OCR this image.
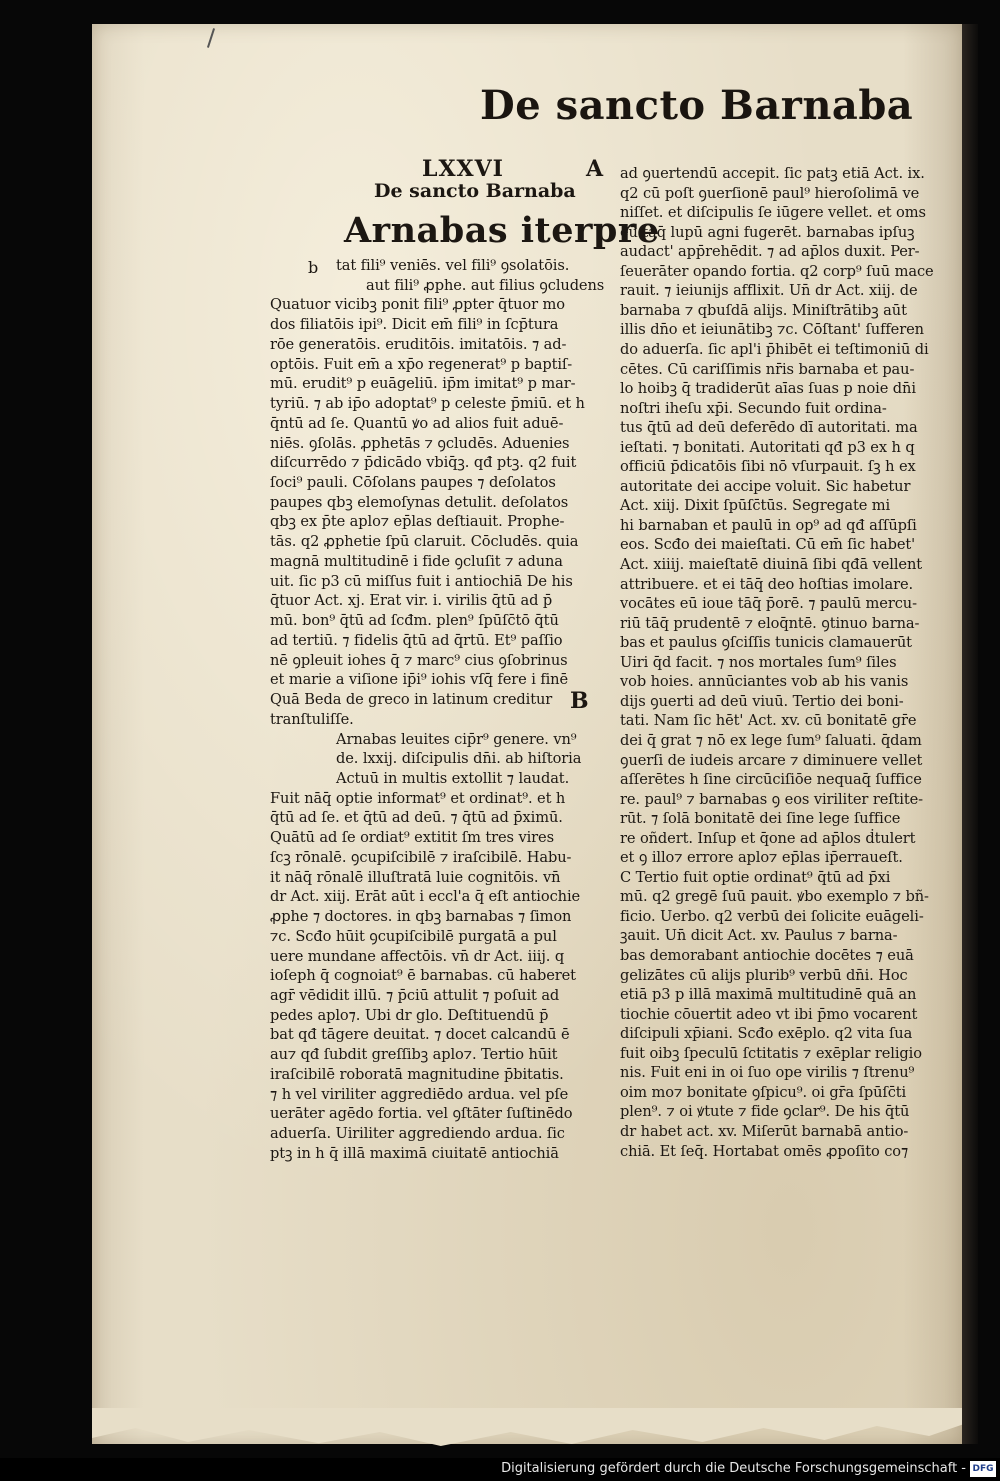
De sancto Barnaba
LXXVI	A
De sancto Barnaba
Arnabas iterpre
b
B
tat fili⁹ veniēs. vel fili⁹ ꝯsolatōis.
aut fili⁹ ꝓphe. aut filius ꝯcludens
Quatuor vicibꝫ ponit fili⁹ ꝓpter q̄tuor mo
dos filiatōis ipi⁹. Dicit em̄ fili⁹ in ſcp̄tura
rōe generatōis. eruditōis. imitatōis. ⁊ ad-
optōis. Fuit em̄ a xp̄o regenerat⁹ p baptiſ-
mū. erudit⁹ p euāgeliū. ip̄m imitat⁹ p mar-
tyriū. ⁊ ab ip̄o adoptat⁹ p celeste p̄miū. et h
q̄ntū ad ſe. Quantū ꝟo ad alios fuit aduē-
niēs. ꝯſolās. ꝓphetās ⁊ ꝯcludēs. Aduenies
diſcurrēdo ⁊ p̄dicādo vbiq̄ꝫ. qđ ptꝫ. q2 fuit
ſoci⁹ pauli. Cōſolans paupes ⁊ deſolatos
paupes qbꝫ elemoſynas detulit. deſolatos
qbꝫ ex p̄te aplo⁊ ep̄las deſtiauit. Prophe-
tās. q2 ꝓphetie ſpū claruit. Cōcludēs. quia
magnā multitudinē i fide ꝯcluſit ⁊ aduna
uit. ſic p3 cū miſſus fuit i antiochiā De his
q̄tuor Act. xj. Erat vir. i. virilis q̄tū ad p̄
mū. bon⁹ q̄tū ad ſcđm. plen⁹ ſpūſc̄tō q̄tū
ad tertiū. ⁊ fidelis q̄tū ad q̄rtū. Et⁹ paſſio
nē ꝯpleuit iohes q̄ ⁊ marc⁹ cius ꝯſobrinus
et marie a viſione ip̄i⁹ iohis vſq̄ fere i finē
Quā Beda de greco in latinum creditur
tranſtuliſſe.
Arnabas leuites cip̄r⁹ genere. vn⁹
de. lxxij. diſcipulis dn̄i. ab hiſtoria
Actuū in multis extollit ⁊ laudat.
Fuit nāq̄ optie informat⁹ et ordinat⁹. et h
q̄tū ad ſe. et q̄tū ad deū. ⁊ q̄tū ad p̄ximū.
Quātū ad ſe ordiat⁹ extitit ſm tres vires
ſcꝫ rōnalē. ꝯcupiſcibilē ⁊ iraſcibilē. Habu-
it nāq̄ rōnalē illuſtratā luie cognitōis. vn̄
dr Act. xiij. Erāt aūt i eccl'a q̄ eſt antiochie
ꝓphe ⁊ doctores. in qbꝫ barnabas ⁊ ſimon
⁊c. Scđo hūit ꝯcupiſcibilē purgatā a pul
uere mundane affectōis. vn̄ dr Act. iiij. q
ioſeph q̄ cognoiat⁹ ē barnabas. cū haberet
agr̄ vēdidit illū. ⁊ p̄ciū attulit ⁊ poſuit ad
pedes aplo⁊. Ubi dr glo. Deſtituendū p̄
bat qđ tāgere deuitat. ⁊ docet calcandū ē
au⁊ qđ ſubdit greſſibꝫ aplo⁊. Tertio hūit
iraſcibilē roboratā magnitudine p̄bitatis.
⁊ h vel viriliter aggrediēdo ardua. vel pſe
uerāter agēdo fortia. vel ꝯſtāter ſuſtinēdo
aduerſa. Uiriliter aggrediendo ardua. ſic
ptꝫ in h q̄ illā maximā ciuitatē antiochiā
ad ꝯuertendū accepit. ſic patꝫ etiā Act. ix.
q2 cū poſt ꝯuerſionē paul⁹ hieroſolimā ve
niſſet. et diſcipulis ſe iūgere vellet. et oms
eū tāq̄ lupū agni fugerēt. barnabas ipſuꝫ
audact' app̄rehēdit. ⁊ ad ap̄los duxit. Per-
ſeuerāter opando fortia. q2 corp⁹ ſuū mace
rauit. ⁊ ieiunijs afflixit. Un̄ dr Act. xiij. de
barnaba ⁊ qbuſdā alijs. Miniſtrātibꝫ aūt
illis dn̄o et ieiunātibꝫ ⁊c. Cōſtant' ſufferen
do aduerſa. ſic apl'i p̄hibēt ei teſtimoniū di
cētes. Cū cariſſimis nr̄is barnaba et pau-
lo hoibꝫ q̄ tradiderūt aīas ſuas p noie dn̄i
noſtri iheſu xp̄i. Secundo fuit ordina-
tus q̄tū ad deū deferēdo dī autoritati. ma
ieſtati. ⁊ bonitati. Autoritati qđ p3 ex h q
officiū p̄dicatōis ſibi nō vſurpauit. ſꝫ h ex
autoritate dei accipe voluit. Sic habetur
Act. xiij. Dixit ſpūſc̄tūs. Segregate mi
hi barnaban et paulū in op⁹ ad qđ aſſūpſi
eos. Scđo dei maieſtati. Cū em̄ ſic habet'
Act. xiiij. maieſtatē diuinā ſibi qđā vellent
attribuere. et ei tāq̄ deo hoſtias imolare.
vocātes eū ioue tāq̄ p̄orē. ⁊ paulū mercu-
riū tāq̄ prudentē ⁊ eloq̄ntē. ꝯtinuo barna-
bas et paulus ꝯſciſſis tunicis clamauerūt
Uiri q̄d facit. ⁊ nos mortales ſum⁹ ſiles
vob hoies. annūciantes vob ab his vanis
dijs ꝯuerti ad deū viuū. Tertio dei boni-
tati. Nam ſic hēt' Act. xv. cū bonitatē gr̄e
dei q̄ grat ⁊ nō ex lege ſum⁹ ſaluati. q̄dam
ꝯuerſi de iudeis arcare ⁊ diminuere vellet
aſſerētes h ſine circūciſiōe nequaq̄ ſuffice
re. paul⁹ ⁊ barnabas ꝯ eos viriliter reſtite-
rūt. ⁊ ſolā bonitatē dei ſine lege ſuffice
re oñdert. Inſup et q̄one ad ap̄los ḋtulert
et ꝯ illo⁊ errore aplo⁊ ep̄las ip̄erraueſt.
C Tertio fuit optie ordinat⁹ q̄tū ad p̄xi
mū. q2 gregē ſuū pauit. ꝟbo exemplo ⁊ bñ-
ficio. Uerbo. q2 verbū dei ſolicite euāgeli-
ꝫauit. Un̄ dicit Act. xv. Paulus ⁊ barna-
bas demorabant antiochie docētes ⁊ euā
gelizātes cū alijs plurib⁹ verbū dn̄i. Hoc
etiā p3 p illā maximā multitudinē quā an
tiochie cōuertit adeo vt ibi p̄mo vocarent
diſcipuli xp̄iani. Scđo exēplo. q2 vita ſua
fuit oibꝫ ſpeculū ſctitatis ⁊ exēplar religio
nis. Fuit eni in oi ſuo ope virilis ⁊ ſtrenu⁹
oim mo⁊ bonitate ꝯſpicu⁹. oi gr̄a ſpūſc̄ti
plen⁹. ⁊ oi ꝟtute ⁊ fide ꝯclar⁹. De his q̄tū
dr habet act. xv. Miſerūt barnabā antio-
chiā. Et ſeq̄. Hortabat omēs ꝓpoſito co⁊
Digitalisierung gefördert durch die Deutsche Forschungsgemeinschaft - DFG
